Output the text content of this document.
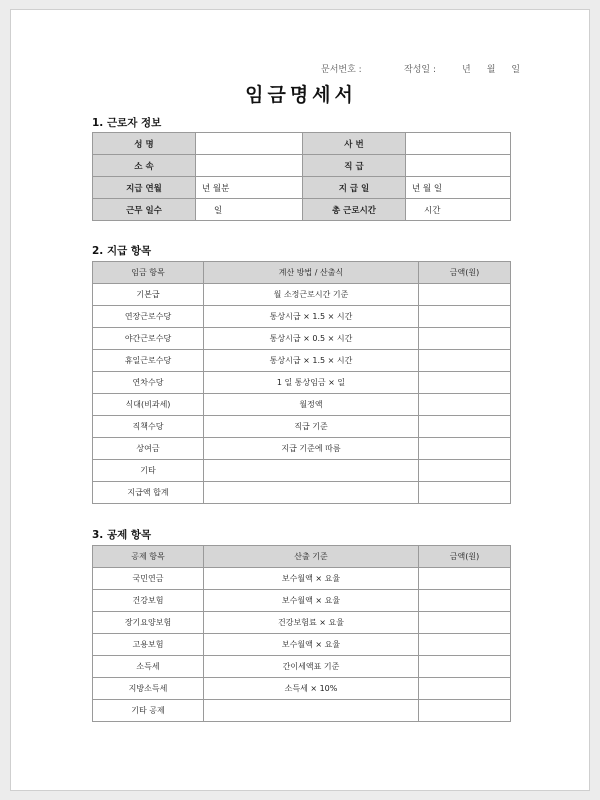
문서번호 :	작성일 :	년 월 일
임금명세서
1. 근로자 정보
성 명		사 번	
소 속		직 급	
지급 연월	년 월분	지 급 일	년 월 일
근무 일수	일	총 근로시간	시간
2. 지급 항목
임금 항목	계산 방법 / 산출식	금액(원)
기본급	월 소정근로시간 기준	
연장근로수당	통상시급 × 1.5 × 시간	
야간근로수당	통상시급 × 0.5 × 시간	
휴일근로수당	통상시급 × 1.5 × 시간	
연차수당	1 일 통상임금 × 일	
식대(비과세)	월정액	
직책수당	직급 기준	
상여금	지급 기준에 따름	
기타		
지급액 합계		
3. 공제 항목
공제 항목	산출 기준	금액(원)
국민연금	보수월액 × 요율	
건강보험	보수월액 × 요율	
장기요양보험	건강보험료 × 요율	
고용보험	보수월액 × 요율	
소득세	간이세액표 기준	
지방소득세	소득세 × 10%	
기타 공제		
